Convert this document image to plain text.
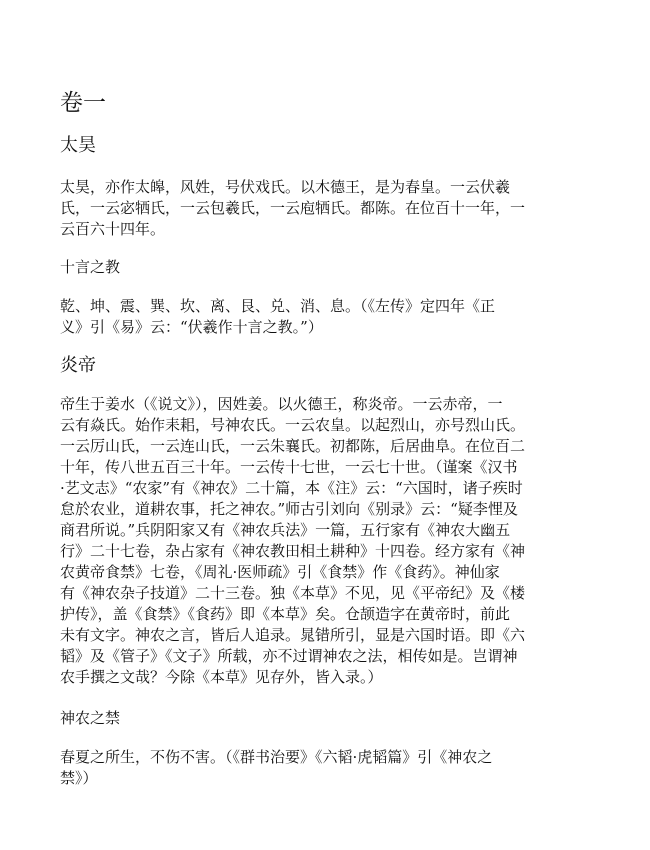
卷一
太昊
太昊，亦作太皞，风姓，号伏戏氏。以木德王，是为春皇。一云伏羲
氏，一云宓牺氏，一云包羲氏，一云庖牺氏。都陈。在位百十一年，一
云百六十四年。
十言之教
乾、坤、震、巽、坎、离、艮、兑、消、息。（《左传》定四年《正
义》引《易》云：“伏羲作十言之教。”）
炎帝
帝生于姜水（《说文》），因姓姜。以火德王，称炎帝。一云赤帝，一
云有焱氏。始作耒耜，号神农氏。一云农皇。以起烈山，亦号烈山氏。
一云厉山氏，一云连山氏，一云朱襄氏。初都陈，后居曲阜。在位百二
十年，传八世五百三十年。一云传十七世，一云七十世。（谨案《汉书
·艺文志》“农家”有《神农》二十篇，本《注》云：“六国时，诸子疾时
怠於农业，道耕农事，托之神农。”师古引刘向《别录》云：“疑李悝及
商君所说。”兵阴阳家又有《神农兵法》一篇，五行家有《神农大幽五
行》二十七卷，杂占家有《神农教田相土耕种》十四卷。经方家有《神
农黄帝食禁》七卷，《周礼·医师疏》引《食禁》作《食药》。神仙家
有《神农杂子技道》二十三卷。独《本草》不见，见《平帝纪》及《楼
护传》，盖《食禁》《食药》即《本草》矣。仓颉造字在黄帝时，前此
未有文字。神农之言，皆后人追录。晁错所引，显是六国时语。即《六
韬》及《管子》《文子》所载，亦不过谓神农之法，相传如是。岂谓神
农手撰之文哉？今除《本草》见存外，皆入录。）
神农之禁
春夏之所生，不伤不害。（《群书治要》《六韬·虎韬篇》引《神农之
禁》）
